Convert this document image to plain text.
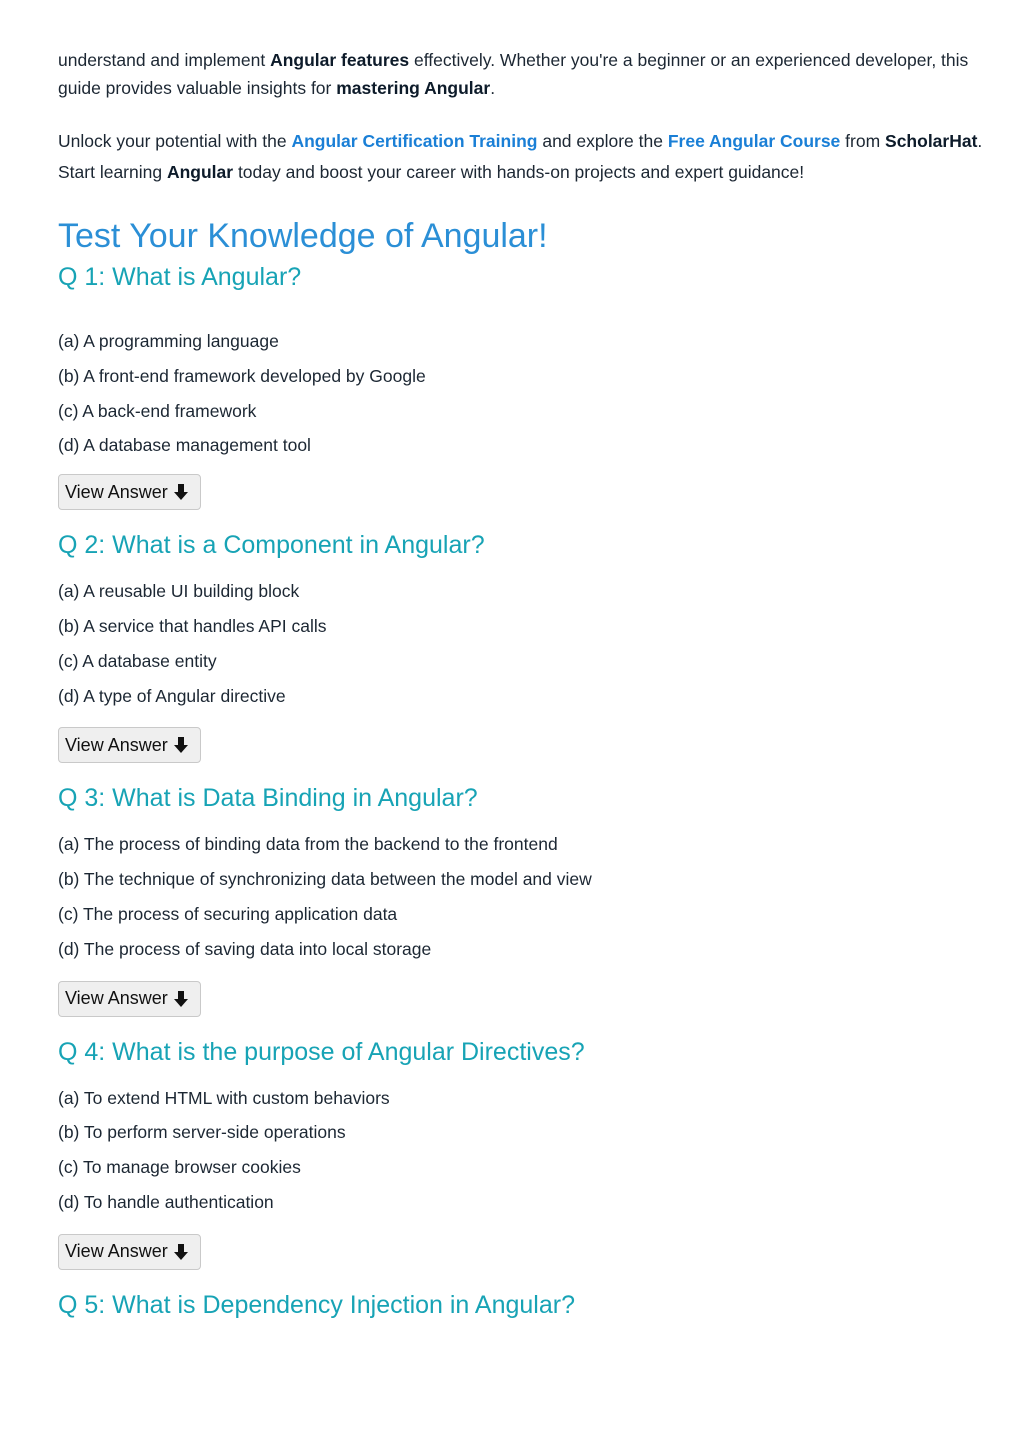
understand and implement Angular features effectively. Whether you're a beginner or an experienced developer, this guide provides valuable insights for mastering Angular.

Unlock your potential with the Angular Certification Training and explore the Free Angular Course from ScholarHat. Start learning Angular today and boost your career with hands-on projects and expert guidance!

Test Your Knowledge of Angular!
Q 1: What is Angular?

(a) A programming language

(b) A front-end framework developed by Google

(c) A back-end framework

(d) A database management tool

View Answer
Q 2: What is a Component in Angular?

(a) A reusable UI building block

(b) A service that handles API calls

(c) A database entity

(d) A type of Angular directive

View Answer
Q 3: What is Data Binding in Angular?

(a) The process of binding data from the backend to the frontend

(b) The technique of synchronizing data between the model and view

(c) The process of securing application data

(d) The process of saving data into local storage

View Answer
Q 4: What is the purpose of Angular Directives?

(a) To extend HTML with custom behaviors

(b) To perform server-side operations

(c) To manage browser cookies

(d) To handle authentication

View Answer
Q 5: What is Dependency Injection in Angular?
